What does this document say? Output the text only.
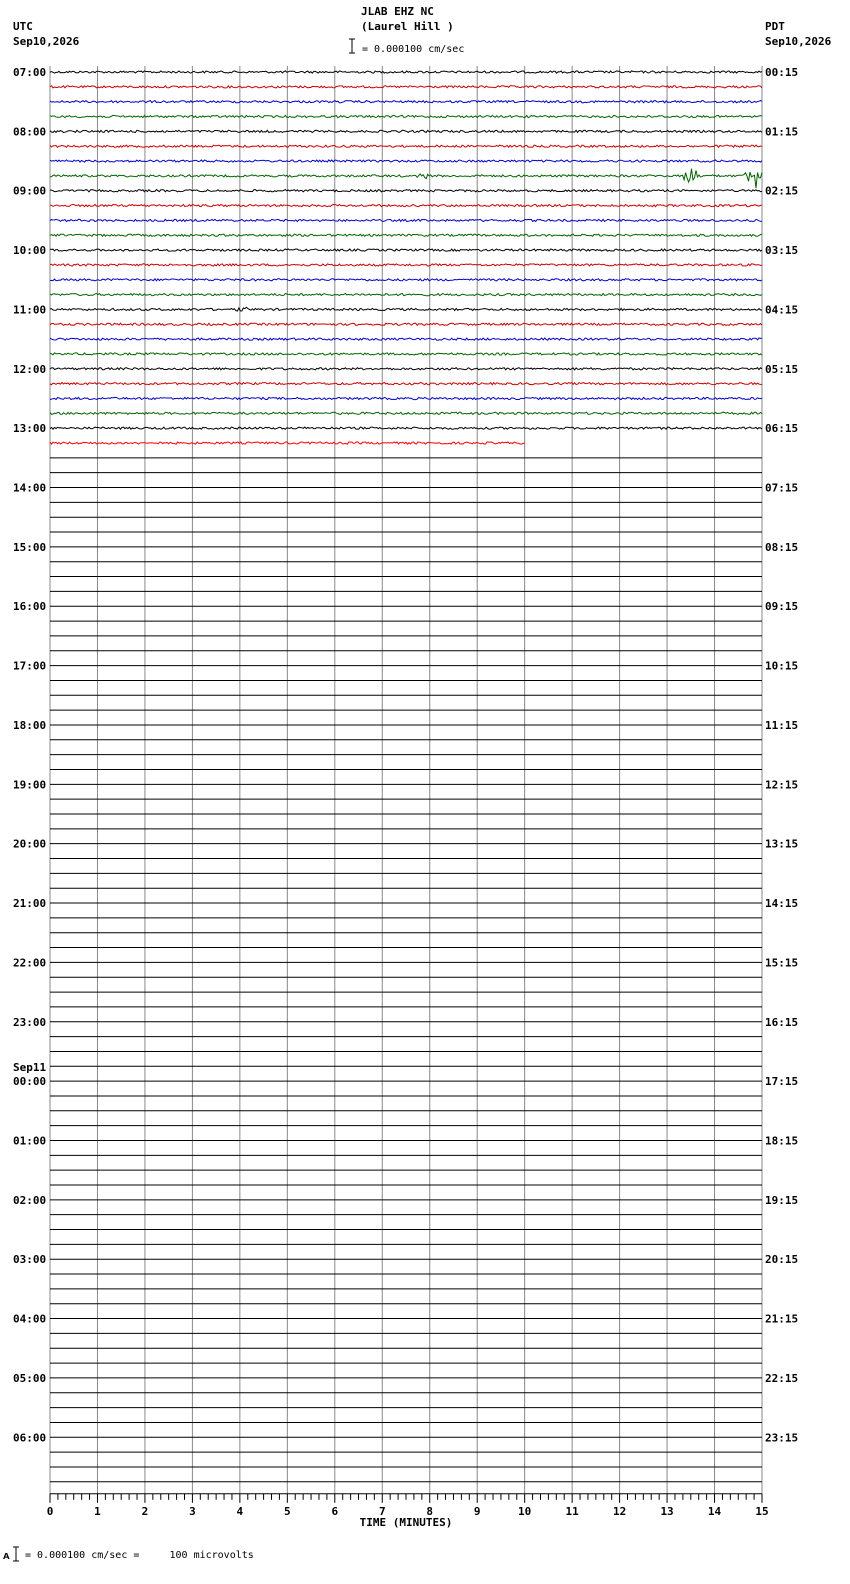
UTC
Sep10,2026
JLAB EHZ NC
(Laurel Hill )
= 0.000100 cm/sec
PDT
Sep10,2026
07:00	00:15
08:00	01:15
09:00	02:15
10:00	03:15
11:00	04:15
12:00	05:15
13:00	06:15
14:00	07:15
15:00	08:15
16:00	09:15
17:00	10:15
18:00	11:15
19:00	12:15
20:00	13:15
21:00	14:15
22:00	15:15
23:00	16:15
00:00	17:15
Sep11
01:00	18:15
02:00	19:15
03:00	20:15
04:00	21:15
05:00	22:15
06:00	23:15
0	1	2	3	4	5	6	7	8	9	10	11	12	13	14	15
TIME (MINUTES)
ᴀ = 0.000100 cm/sec =     100 microvolts
